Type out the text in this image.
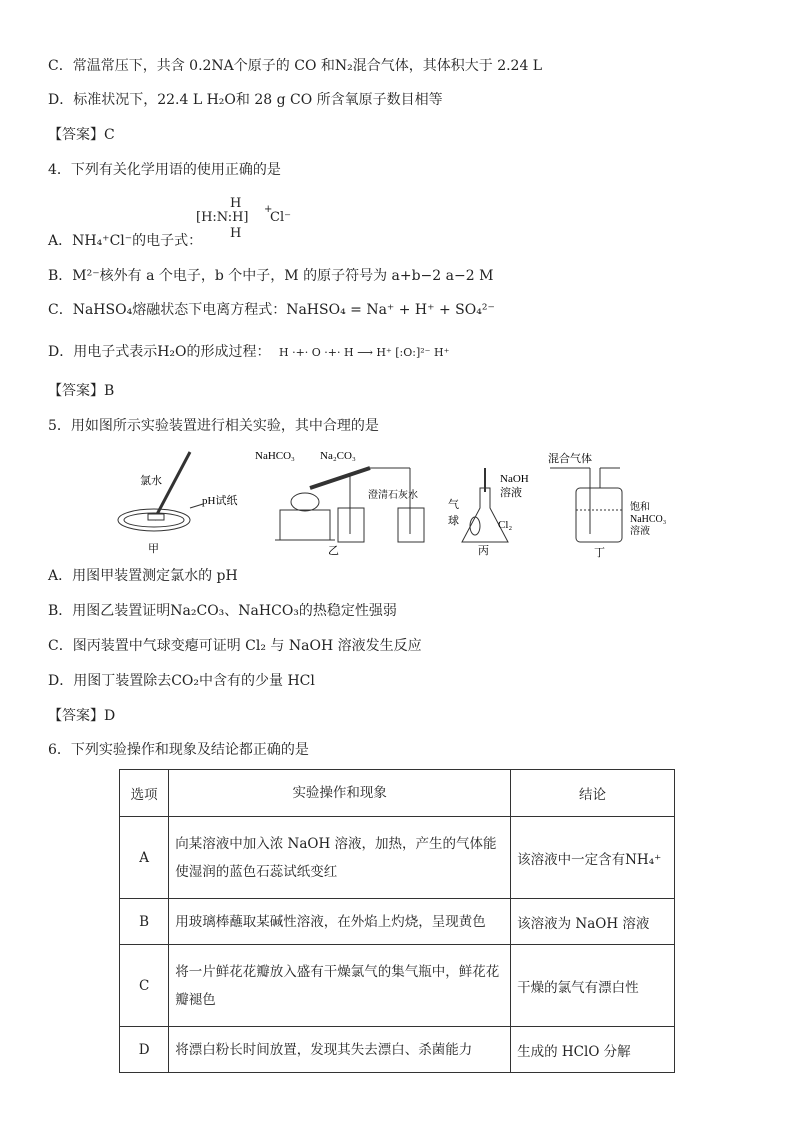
C．常温常压下，共含 0.2NA个原子的 CO 和N₂混合气体，其体积大于 2.24 L
D．标准状况下，22.4 L H₂O和 28 g CO 所含氧原子数目相等
【答案】C
4．下列有关化学用语的使用正确的是
H
[H:N:H]
+
Cl⁻
H
A．NH₄⁺Cl⁻的电子式：
B．M²⁻核外有 a 个电子，b 个中子，M 的原子符号为 a+b−2 a−2 M
C．NaHSO₄熔融状态下电离方程式：NaHSO₄ = Na⁺ + H⁺ + SO₄²⁻
D．用电子式表示H₂O的形成过程： H ·+· O ·+· H ⟶ H⁺ [:O:]²⁻ H⁺
【答案】B
5．用如图所示实验装置进行相关实验，其中合理的是
氯水
pH试纸
甲
NaHCO₃ Na₂CO₃
澄清石灰水
乙
NaOH
溶液
气
球	Cl₂
丙
混合气体
饱和
NaHCO₃
溶液
丁
A．用图甲装置测定氯水的 pH
B．用图乙装置证明Na₂CO₃、NaHCO₃的热稳定性强弱
C．图丙装置中气球变瘪可证明 Cl₂ 与 NaOH 溶液发生反应
D．用图丁装置除去CO₂中含有的少量 HCl
【答案】D
6．下列实验操作和现象及结论都正确的是
选项	实验操作和现象	结论
A	向某溶液中加入浓 NaOH 溶液，加热，产生的气体能使湿润的蓝色石蕊试纸变红	该溶液中一定含有NH₄⁺
B	用玻璃棒蘸取某碱性溶液，在外焰上灼烧，呈现黄色	该溶液为 NaOH 溶液
C	将一片鲜花花瓣放入盛有干燥氯气的集气瓶中，鲜花花瓣褪色	干燥的氯气有漂白性
D	将漂白粉长时间放置，发现其失去漂白、杀菌能力	生成的 HClO 分解
